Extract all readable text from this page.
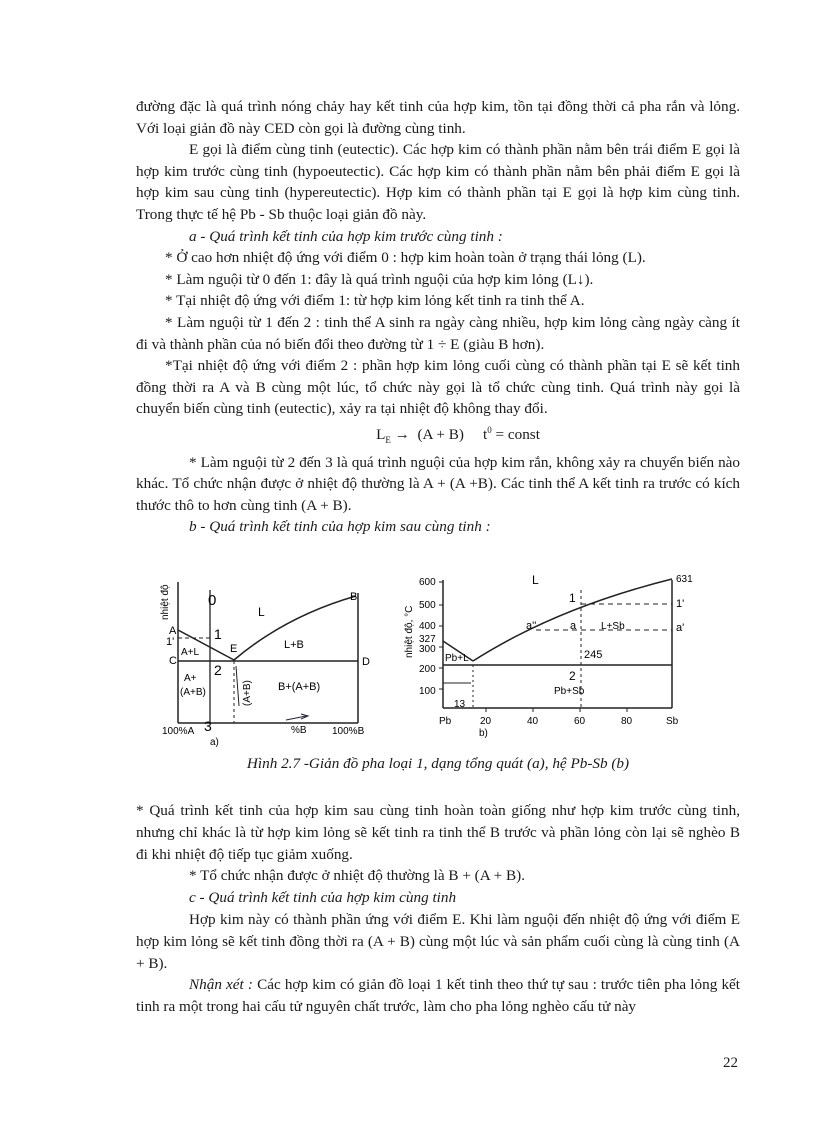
đường đặc là quá trình nóng chảy hay kết tinh của hợp kim, tồn tại đồng thời cả pha rắn và lỏng. Với loại giản đồ này CED còn gọi là đường cùng tinh.

E gọi là điểm cùng tinh (eutectic). Các hợp kim có thành phần nằm bên trái điểm E gọi là hợp kim trước cùng tinh (hypoeutectic). Các hợp kim có thành phần nằm bên phải điểm E gọi là hợp kim sau cùng tinh (hypereutectic). Hợp kim có thành phần tại E gọi là hợp kim cùng tinh. Trong thực tế hệ Pb - Sb thuộc loại giản đồ này.

a - Quá trình kết tinh của hợp kim trước cùng tinh :

* Ở cao hơn nhiệt độ ứng với điểm 0 : hợp kim hoàn toàn ở trạng thái lỏng (L).

* Làm nguội từ 0 đến 1: đây là quá trình nguội của hợp kim lỏng (L↓).

* Tại nhiệt độ ứng với điểm 1: từ hợp kim lỏng kết tinh ra tinh thể A.

* Làm nguội từ 1 đến 2 : tinh thể A sinh ra ngày càng nhiều, hợp kim lỏng càng ngày càng ít đi và thành phần của nó biến đổi theo đường từ 1 ÷ E (giàu B hơn).

*Tại nhiệt độ ứng với điểm 2 : phần hợp kim lỏng cuối cùng có thành phần tại E sẽ kết tinh đồng thời ra A và B cùng một lúc, tổ chức này gọi là tổ chức cùng tinh. Quá trình này gọi là chuyển biến cùng tinh (eutectic), xảy ra tại nhiệt độ không thay đổi.

$L_E \to (A + B) t^0$ = const

* Làm nguội từ 2 đến 3 là quá trình nguội của hợp kim rắn, không xảy ra chuyển biến nào khác. Tổ chức nhận được ở nhiệt độ thường là A + (A +B). Các tinh thể A kết tinh ra trước có kích thước thô to hơn cùng tinh (A + B).

b - Quá trình kết tinh của hợp kim sau cùng tinh :

nhiệt độ
A
1'
C
0
1
L
B
E	L+B
D
A+L
2
A+
(A+B)	(A+B) B+(A+B)
3
100%A	%B	100%B
a)
nhiệt độ, °C
600
500
400
327
300
200
100
Pb	20	40	60	80	Sb
L	631
1	1'
a''	a L+Sb	a'
Pb+L	245
2
Pb+Sb
13
b)
Hình 2.7 -Giản đồ pha loại 1, dạng tổng quát (a), hệ Pb-Sb (b)

* Quá trình kết tinh của hợp kim sau cùng tinh hoàn toàn giống như hợp kim trước cùng tinh, nhưng chỉ khác là từ hợp kim lỏng sẽ kết tinh ra tinh thể B trước và phần lỏng còn lại sẽ nghèo B đi khi nhiệt độ tiếp tục giảm xuống.

* Tổ chức nhận được ở nhiệt độ thường là B + (A + B).

c - Quá trình kết tinh của hợp kim cùng tinh

Hợp kim này có thành phần ứng với điểm E. Khi làm nguội đến nhiệt độ ứng với điểm E hợp kim lỏng sẽ kết tinh đồng thời ra (A + B) cùng một lúc và sản phẩm cuối cùng là cùng tinh (A + B).

Nhận xét : Các hợp kim có giản đồ loại 1 kết tinh theo thứ tự sau : trước tiên pha lỏng kết tinh ra một trong hai cấu tử nguyên chất trước, làm cho pha lỏng nghèo cấu tử này

22
